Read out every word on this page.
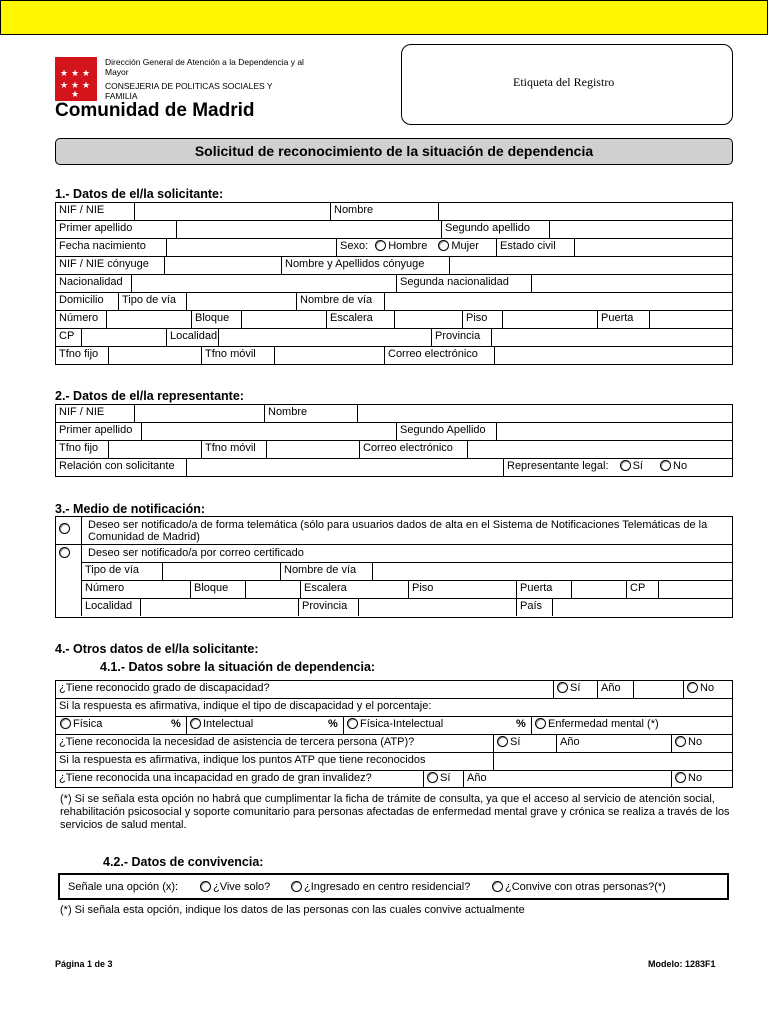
★ ★ ★
★ ★ ★
★
Dirección General de Atención a la Dependencia y al Mayor
CONSEJERIA DE POLITICAS SOCIALES Y FAMILIA
Comunidad de Madrid
Etiqueta del Registro
Solicitud de reconocimiento de la situación de dependencia
1.- Datos de el/la solicitante:
NIF / NIE	Nombre
Primer apellido	Segundo apellido
Fecha nacimiento	Sexo: Hombre Mujer	Estado civil
NIF / NIE cónyuge	Nombre y Apellidos cónyuge
Nacionalidad	Segunda nacionalidad
Domicilio	Tipo de vía	Nombre de vía
Número	Bloque	Escalera	Piso	Puerta
CP	Localidad	Provincia
Tfno fijo	Tfno móvil	Correo electrónico
2.- Datos de el/la representante:
NIF / NIE	Nombre
Primer apellido	Segundo Apellido
Tfno fijo	Tfno móvil	Correo electrónico
Relación con solicitante	Representante legal: Sí	No
3.- Medio de notificación:
Deseo ser notificado/a de forma telemática (sólo para usuarios dados de alta en el Sistema de Notificaciones Telemáticas de la Comunidad de Madrid)
Deseo ser notificado/a por correo certificado
Tipo de vía	Nombre de vía
Número	Bloque	Escalera	Piso	Puerta	CP
Localidad	Provincia	País
4.- Otros datos de el/la solicitante:
4.1.- Datos sobre la situación de dependencia:
¿Tiene reconocido grado de discapacidad?	Sí	Año	No
Si la respuesta es afirmativa, indique el tipo de discapacidad y el porcentaje:
Física	%	Intelectual	%	Física-Intelectual	%	Enfermedad mental (*)
¿Tiene reconocida la necesidad de asistencia de tercera persona (ATP)?	Sí	Año	No
Si la respuesta es afirmativa, indique los puntos ATP que tiene reconocidos
¿Tiene reconocida una incapacidad en grado de gran invalidez?	Sí	Año	No
(*) Si se señala esta opción no habrá que cumplimentar la ficha de trámite de consulta, ya que el acceso al servicio de atención social, rehabilitación psicosocial y soporte comunitario para personas afectadas de enfermedad mental grave y crónica se realiza a través de los servicios de salud mental.
4.2.- Datos de convivencia:
Señale una opción (x):	¿Vive solo?	¿Ingresado en centro residencial?	¿Convive con otras personas?(*)
(*) Si señala esta opción, indique los datos de las personas con las cuales convive actualmente
Página 1 de 3	Modelo: 1283F1
